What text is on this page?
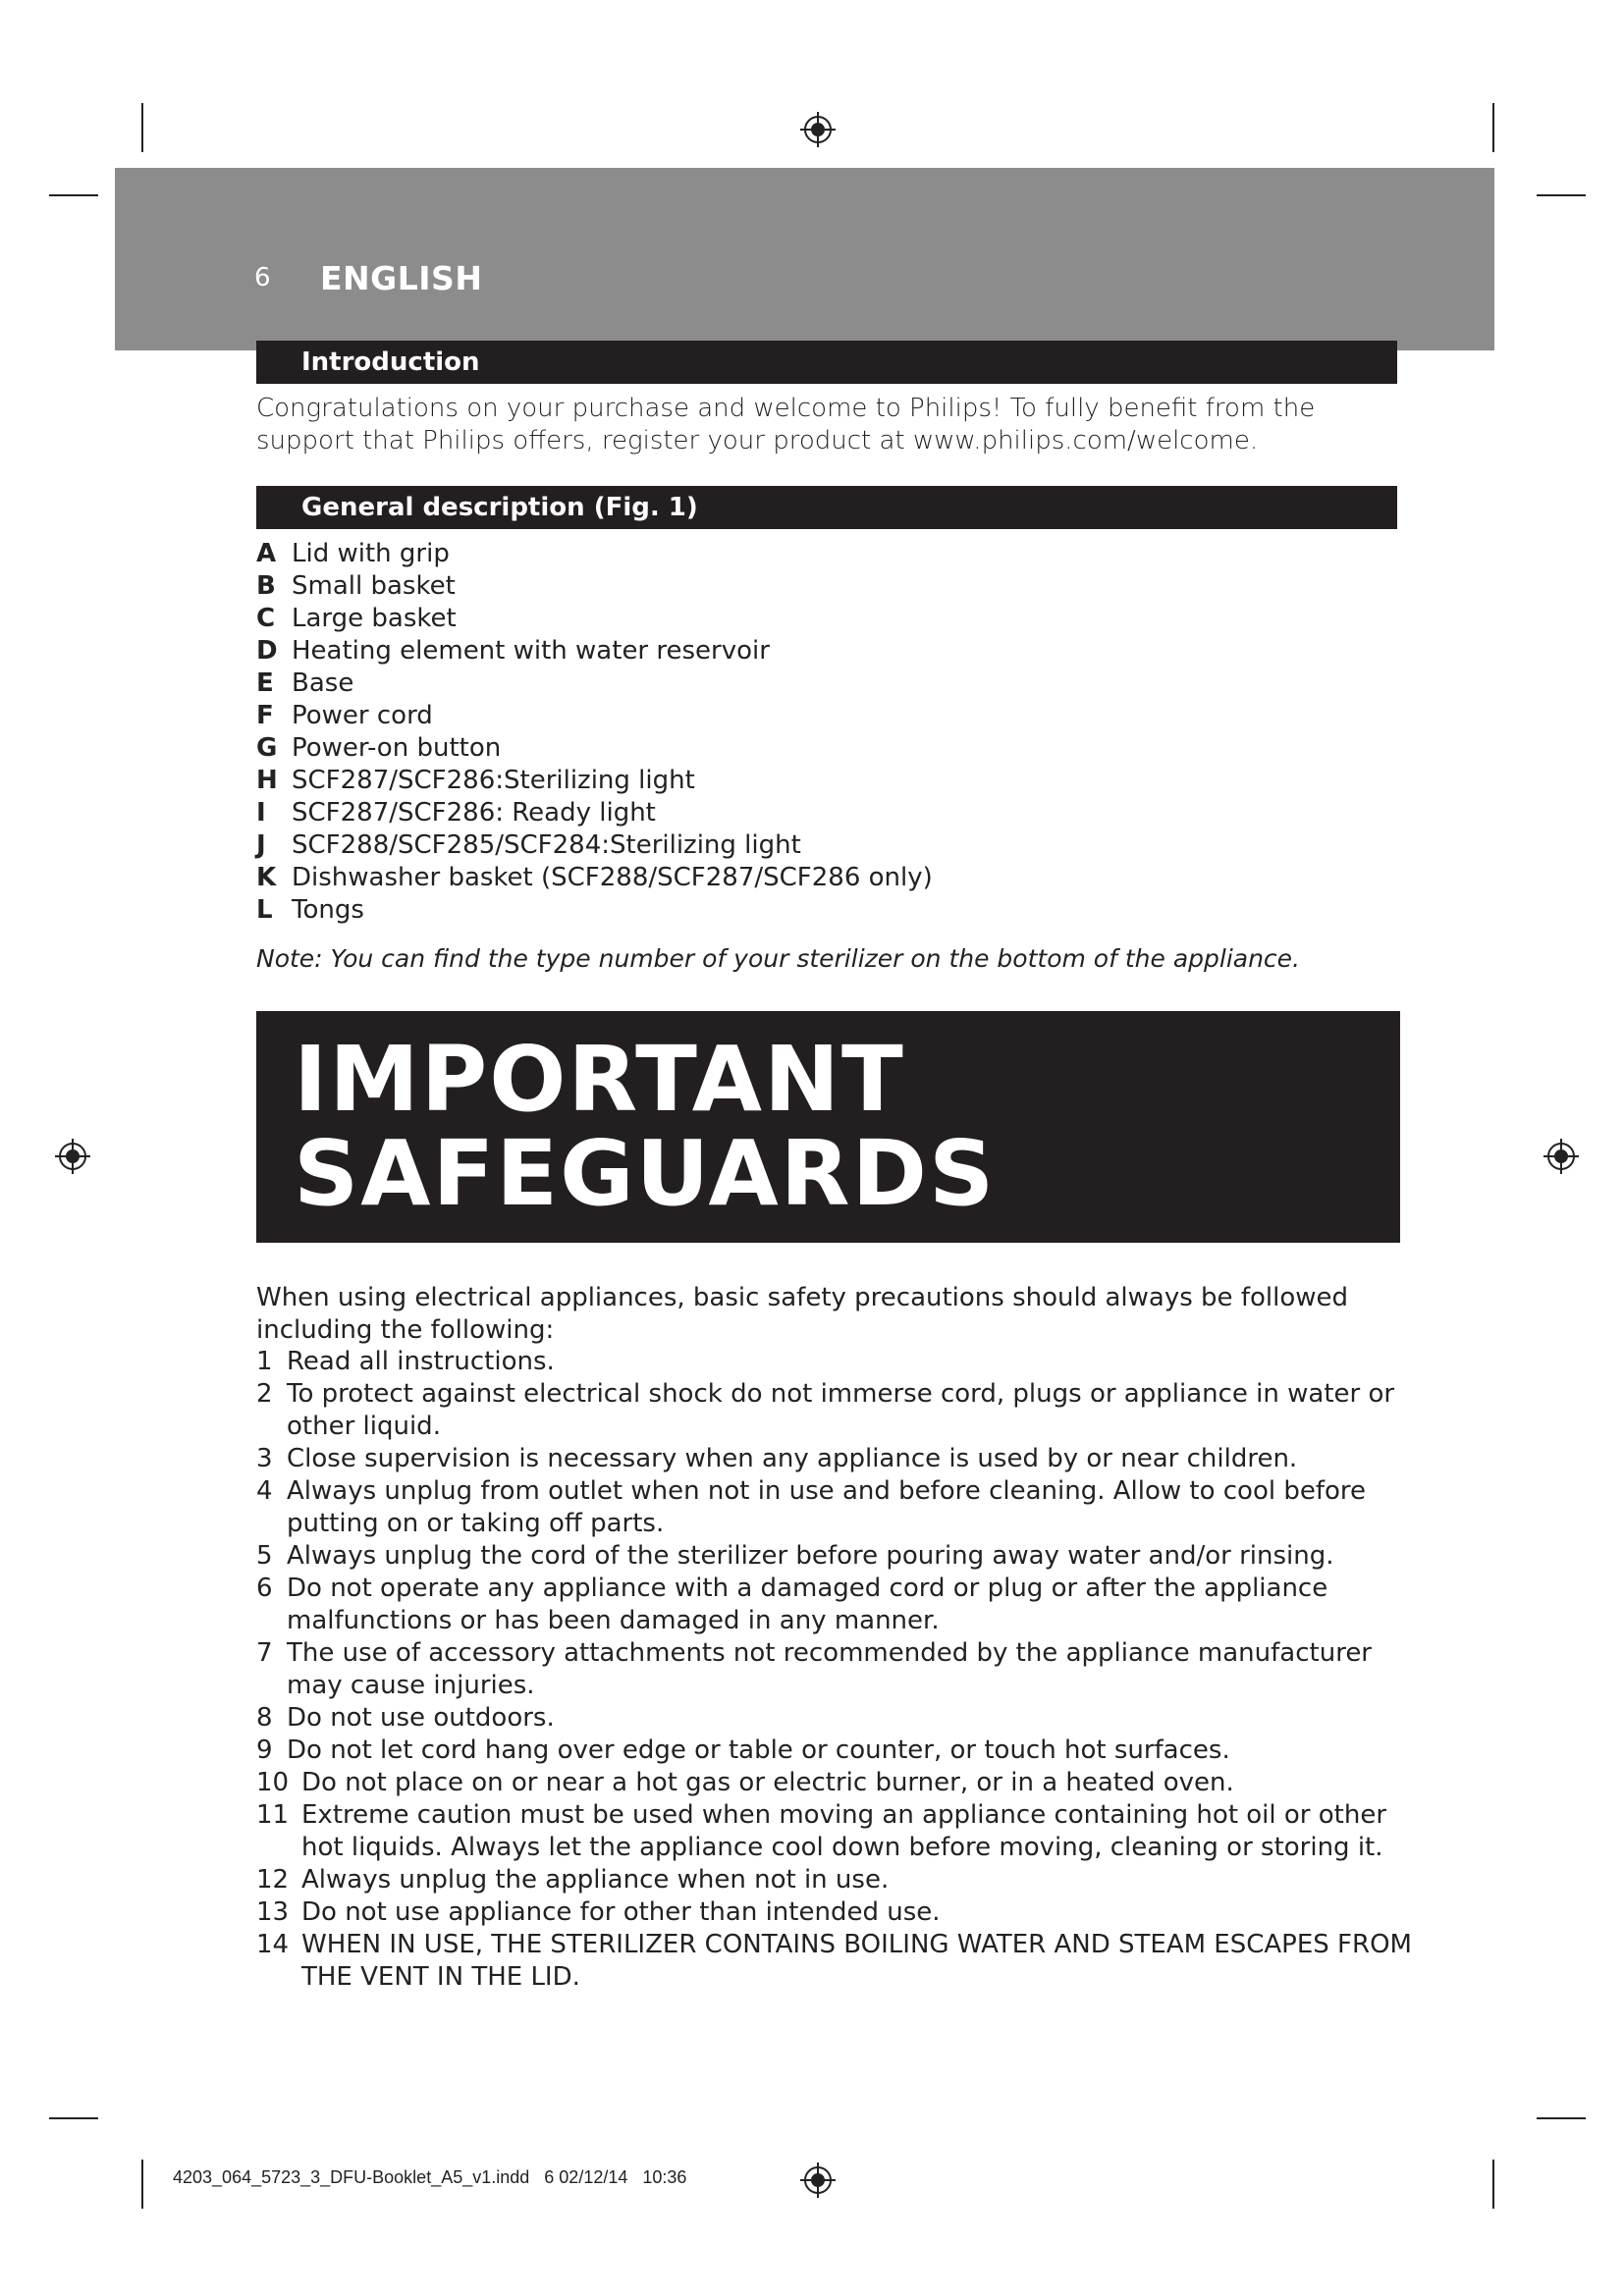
6 ENGLISH
Introduction
Congratulations on your purchase and welcome to Philips! To fully benefit from the support that Philips offers, register your product at www.philips.com/welcome.
General description (Fig. 1)
A Lid with grip
B Small basket
C Large basket
D Heating element with water reservoir
E Base
F Power cord
G Power-on button
H SCF287/SCF286:Sterilizing light
I SCF287/SCF286: Ready light
J SCF288/SCF285/SCF284:Sterilizing light
K Dishwasher basket (SCF288/SCF287/SCF286 only)
L Tongs
Note: You can find the type number of your sterilizer on the bottom of the appliance.
IMPORTANT
SAFEGUARDS
When using electrical appliances, basic safety precautions should always be followed including the following:
1 Read all instructions.
2 To protect against electrical shock do not immerse cord, plugs or appliance in water or other liquid.
3 Close supervision is necessary when any appliance is used by or near children.
4 Always unplug from outlet when not in use and before cleaning. Allow to cool before putting on or taking off parts.
5 Always unplug the cord of the sterilizer before pouring away water and/or rinsing.
6 Do not operate any appliance with a damaged cord or plug or after the appliance malfunctions or has been damaged in any manner.
7 The use of accessory attachments not recommended by the appliance manufacturer may cause injuries.
8 Do not use outdoors.
9 Do not let cord hang over edge or table or counter, or touch hot surfaces.
10 Do not place on or near a hot gas or electric burner, or in a heated oven.
11 Extreme caution must be used when moving an appliance containing hot oil or other hot liquids. Always let the appliance cool down before moving, cleaning or storing it.
12 Always unplug the appliance when not in use.
13 Do not use appliance for other than intended use.
14 WHEN IN USE, THE STERILIZER CONTAINS BOILING WATER AND STEAM ESCAPES FROM THE VENT IN THE LID.
4203_064_5723_3_DFU-Booklet_A5_v1.indd   6 02/12/14   10:36
